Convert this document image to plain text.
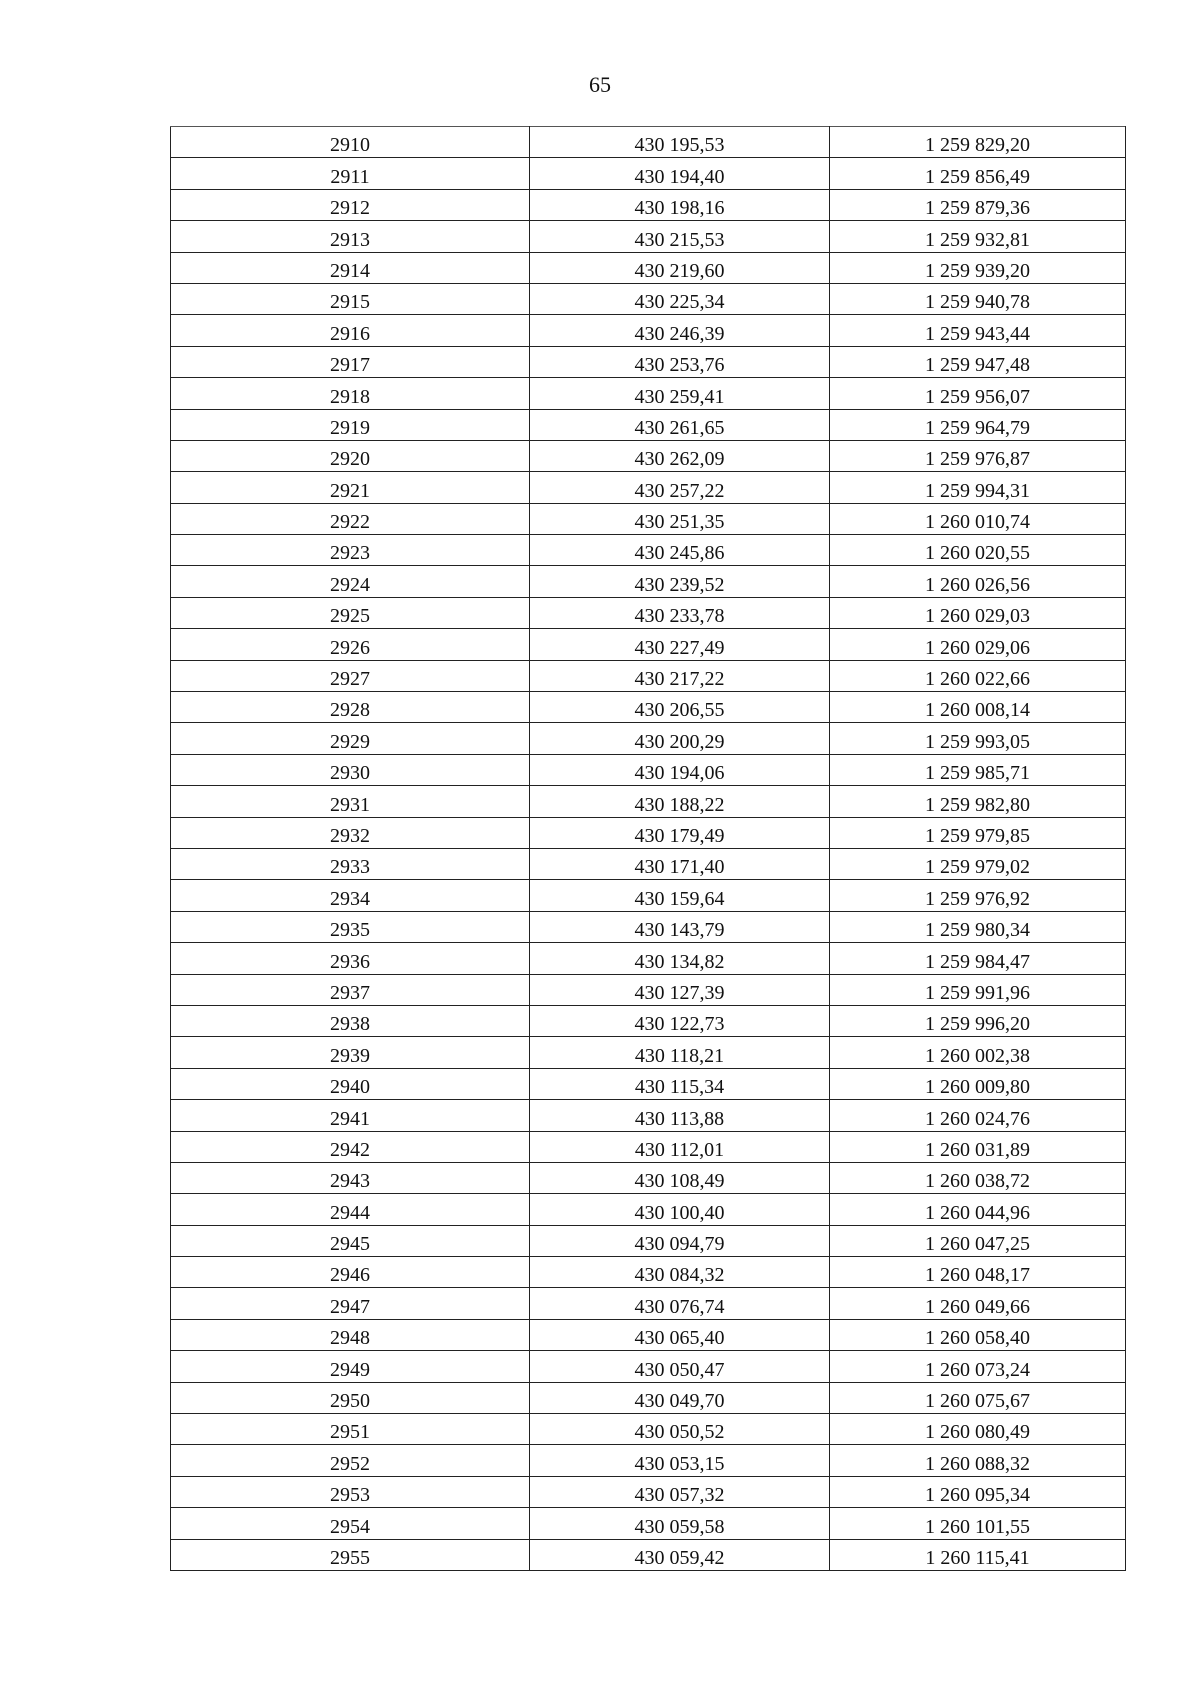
65
2910	430 195,53	1 259 829,20
2911	430 194,40	1 259 856,49
2912	430 198,16	1 259 879,36
2913	430 215,53	1 259 932,81
2914	430 219,60	1 259 939,20
2915	430 225,34	1 259 940,78
2916	430 246,39	1 259 943,44
2917	430 253,76	1 259 947,48
2918	430 259,41	1 259 956,07
2919	430 261,65	1 259 964,79
2920	430 262,09	1 259 976,87
2921	430 257,22	1 259 994,31
2922	430 251,35	1 260 010,74
2923	430 245,86	1 260 020,55
2924	430 239,52	1 260 026,56
2925	430 233,78	1 260 029,03
2926	430 227,49	1 260 029,06
2927	430 217,22	1 260 022,66
2928	430 206,55	1 260 008,14
2929	430 200,29	1 259 993,05
2930	430 194,06	1 259 985,71
2931	430 188,22	1 259 982,80
2932	430 179,49	1 259 979,85
2933	430 171,40	1 259 979,02
2934	430 159,64	1 259 976,92
2935	430 143,79	1 259 980,34
2936	430 134,82	1 259 984,47
2937	430 127,39	1 259 991,96
2938	430 122,73	1 259 996,20
2939	430 118,21	1 260 002,38
2940	430 115,34	1 260 009,80
2941	430 113,88	1 260 024,76
2942	430 112,01	1 260 031,89
2943	430 108,49	1 260 038,72
2944	430 100,40	1 260 044,96
2945	430 094,79	1 260 047,25
2946	430 084,32	1 260 048,17
2947	430 076,74	1 260 049,66
2948	430 065,40	1 260 058,40
2949	430 050,47	1 260 073,24
2950	430 049,70	1 260 075,67
2951	430 050,52	1 260 080,49
2952	430 053,15	1 260 088,32
2953	430 057,32	1 260 095,34
2954	430 059,58	1 260 101,55
2955	430 059,42	1 260 115,41
